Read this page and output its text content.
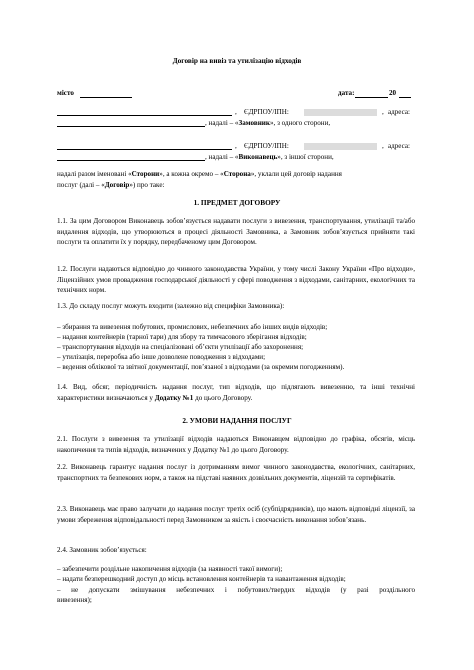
Договір на вивіз та утилізацію відходів
місто	дата:	20
, ЄДРПОУ/ІПН:	, адреса:
, надалі – «Замовник», з одного сторони,
, ЄДРПОУ/ІПН:	, адреса:
, надалі – «Виконавець», з іншої сторони,
надалі разом іменовані «Сторони», а кожна окремо – «Сторона», уклали цей договір надання
послуг (далі – «Договір») про таке:
1. ПРЕДМЕТ ДОГОВОРУ
1.1. За цим Договором Виконавець зобов’язується надавати послуги з вивезення, транспортування, утилізації та/або видалення відходів, що утворюються в процесі діяльності Замовника, а Замовник зобов’язується прийняти такі послуги та оплатити їх у порядку, передбаченому цим Договором.
1.2. Послуги надаються відповідно до чинного законодавства України, у тому числі Закону України «Про відходи», Ліцензійних умов провадження господарської діяльності у сфері поводження з відходами, санітарних, екологічних та технічних норм.
1.3. До складу послуг можуть входити (залежно від специфіки Замовника):
– збирання та вивезення побутових, промислових, небезпечних або інших видів відходів;
– надання контейнерів (тарної тари) для збору та тимчасового зберігання відходів;
– транспортування відходів на спеціалізовані об’єкти утилізації або захоронення;
– утилізація, переробка або інше дозволене поводження з відходами;
– ведення облікової та звітної документації, пов’язаної з відходами (за окремим погодженням).
1.4. Вид, обсяг, періодичність надання послуг, тип відходів, що підлягають вивезенню, та інші технічні характеристики визначаються у Додатку №1 до цього Договору.
2. УМОВИ НАДАННЯ ПОСЛУГ
2.1. Послуги з вивезення та утилізації відходів надаються Виконавцем відповідно до графіка, обсягів, місць накопичення та типів відходів, визначених у Додатку №1 до цього Договору.
2.2. Виконавець гарантує надання послуг із дотриманням вимог чинного законодавства, екологічних, санітарних, транспортних та безпекових норм, а також на підставі наявних дозвільних документів, ліцензій та сертифікатів.
2.3. Виконавець має право залучати до надання послуг третіх осіб (субпідрядників), що мають відповідні ліцензії, за умови збереження відповідальності перед Замовником за якість і своєчасність виконання зобов’язань.
2.4. Замовник зобов’язується:
– забезпечити роздільне накопичення відходів (за наявності такої вимоги);
– надати безперешкодний доступ до місць встановлення контейнерів та навантаження відходів;
– не допускати змішування небезпечних і побутових/твердих відходів (у разі роздільного
вивезення);
